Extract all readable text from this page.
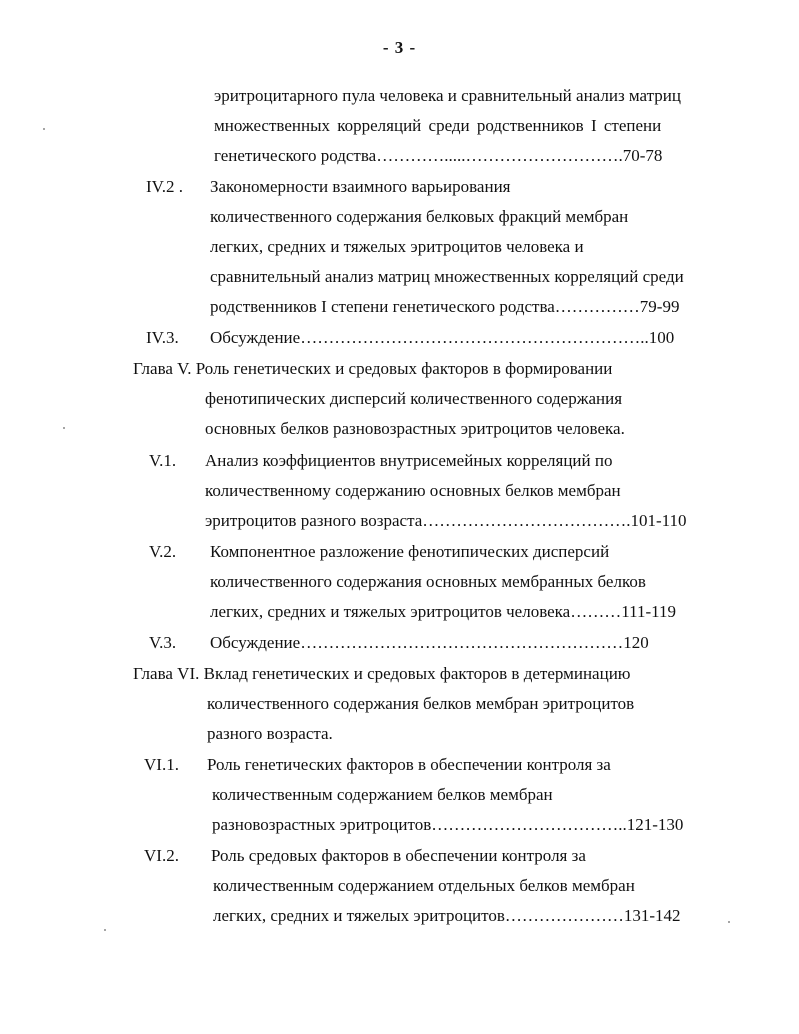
- 3 -
эритроцитарного пула человека и сравнительный анализ матриц
множественных корреляций среди родственников I степени
генетического родства………….....……………………….70-78
IV.2 . Закономерности взаимного варьирования
количественного содержания белковых фракций мембран
легких, средних и тяжелых эритроцитов человека и
сравнительный анализ матриц множественных корреляций среди
родственников I степени генетического родства……………79-99
IV.3. Обсуждение……………………………………………………..100
Глава V. Роль генетических и средовых факторов в формировании
фенотипических дисперсий количественного содержания
основных белков разновозрастных эритроцитов человека.
V.1. Анализ коэффициентов внутрисемейных корреляций по
количественному содержанию основных белков мембран
эритроцитов разного возраста……………………………….101-110
V.2. Компонентное разложение фенотипических дисперсий
количественного содержания основных мембранных белков
легких, средних и тяжелых эритроцитов человека………111-119
V.3. Обсуждение…………………………………………………120
Глава VI. Вклад генетических и средовых факторов в детерминацию
количественного содержания белков мембран эритроцитов
разного возраста.
VI.1. Роль генетических факторов в обеспечении контроля за
количественным содержанием белков мембран
разновозрастных эритроцитов……………………………..121-130
VI.2. Роль средовых факторов в обеспечении контроля за
количественным содержанием отдельных белков мембран
легких, средних и тяжелых эритроцитов…………………131-142
